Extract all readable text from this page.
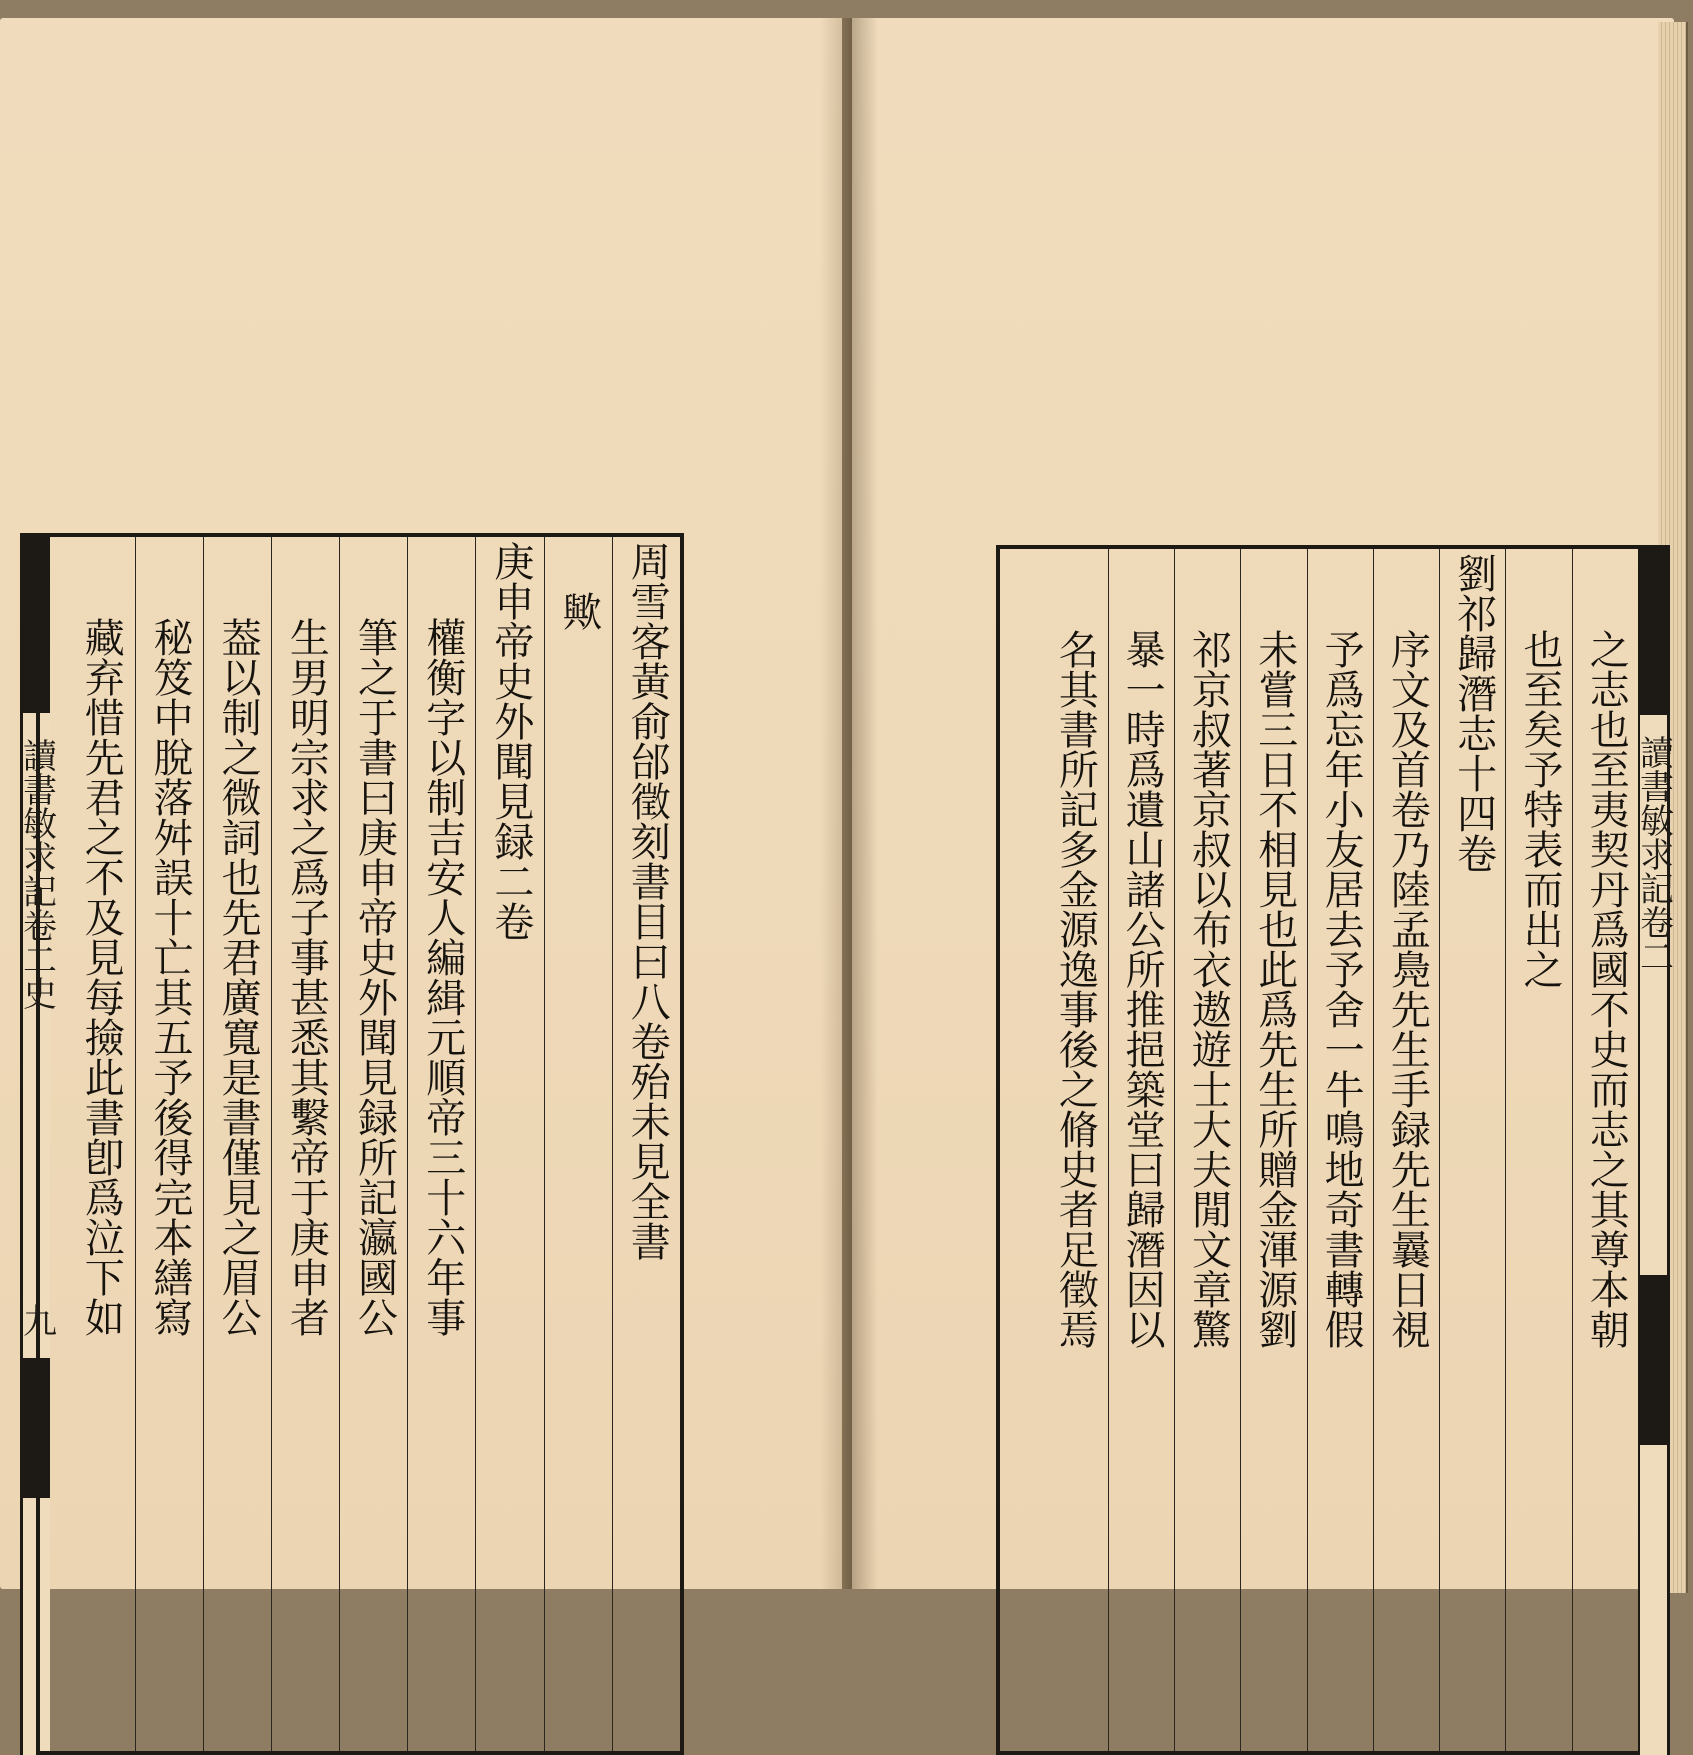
讀書敏求記卷二史
九
周雪客黃俞邰徵刻書目曰八卷殆未見全書
歟
庚申帝史外聞見録二卷
權衡字以制吉安人編緝元順帝三十六年事
筆之于書曰庚申帝史外聞見録所記瀛國公
生男明宗求之爲子事甚悉其繫帝于庚申者
葢以制之微詞也先君廣寬是書僅見之眉公
秘笈中脫落舛誤十亡其五予後得完本繕寫
藏弃惜先君之不及見每撿此書卽爲泣下如	之志也至夷契丹爲國不史而志之其尊本朝
也至矣予特表而出之
劉祁歸潛志十四卷
序文及首卷乃陸孟鳧先生手録先生曩日視
予爲忘年小友居去予舍一牛鳴地奇書轉假
未嘗三日不相見也此爲先生所贈金渾源劉
祁京叔著京叔以布衣遨遊士大夫閒文章驚
暴一時爲遺山諸公所推挹築堂曰歸潛因以
名其書所記多金源逸事後之脩史者足徵焉	讀書敏求記卷二
